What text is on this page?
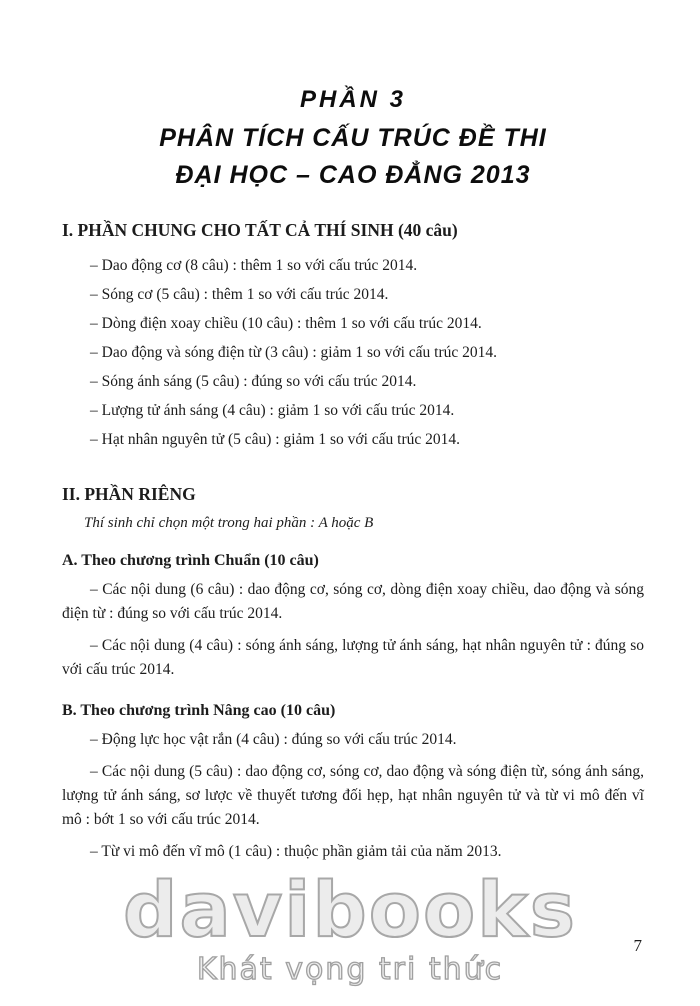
PHẦN 3
PHÂN TÍCH CẤU TRÚC ĐỀ THI
ĐẠI HỌC – CAO ĐẲNG 2013
I. PHẦN CHUNG CHO TẤT CẢ THÍ SINH (40 câu)

– Dao động cơ (8 câu) : thêm 1 so với cấu trúc 2014.

– Sóng cơ (5 câu) : thêm 1 so với cấu trúc 2014.

– Dòng điện xoay chiều (10 câu) : thêm 1 so với cấu trúc 2014.

– Dao động và sóng điện từ (3 câu) : giảm 1 so với cấu trúc 2014.

– Sóng ánh sáng (5 câu) : đúng so với cấu trúc 2014.

– Lượng tử ánh sáng (4 câu) : giảm 1 so với cấu trúc 2014.

– Hạt nhân nguyên tử (5 câu) : giảm 1 so với cấu trúc 2014.

II. PHẦN RIÊNG

Thí sinh chỉ chọn một trong hai phần : A hoặc B

A. Theo chương trình Chuẩn (10 câu)

– Các nội dung (6 câu) : dao động cơ, sóng cơ, dòng điện xoay chiều, dao động và sóng điện từ : đúng so với cấu trúc 2014.

– Các nội dung (4 câu) : sóng ánh sáng, lượng tử ánh sáng, hạt nhân nguyên tử : đúng so với cấu trúc 2014.

B. Theo chương trình Nâng cao (10 câu)

– Động lực học vật rắn (4 câu) : đúng so với cấu trúc 2014.

– Các nội dung (5 câu) : dao động cơ, sóng cơ, dao động và sóng điện từ, sóng ánh sáng, lượng tử ánh sáng, sơ lược về thuyết tương đối hẹp, hạt nhân nguyên tử và từ vi mô đến vĩ mô : bớt 1 so với cấu trúc 2014.

– Từ vi mô đến vĩ mô (1 câu) : thuộc phần giảm tải của năm 2013.

davibooks
Khát vọng tri thức
7
